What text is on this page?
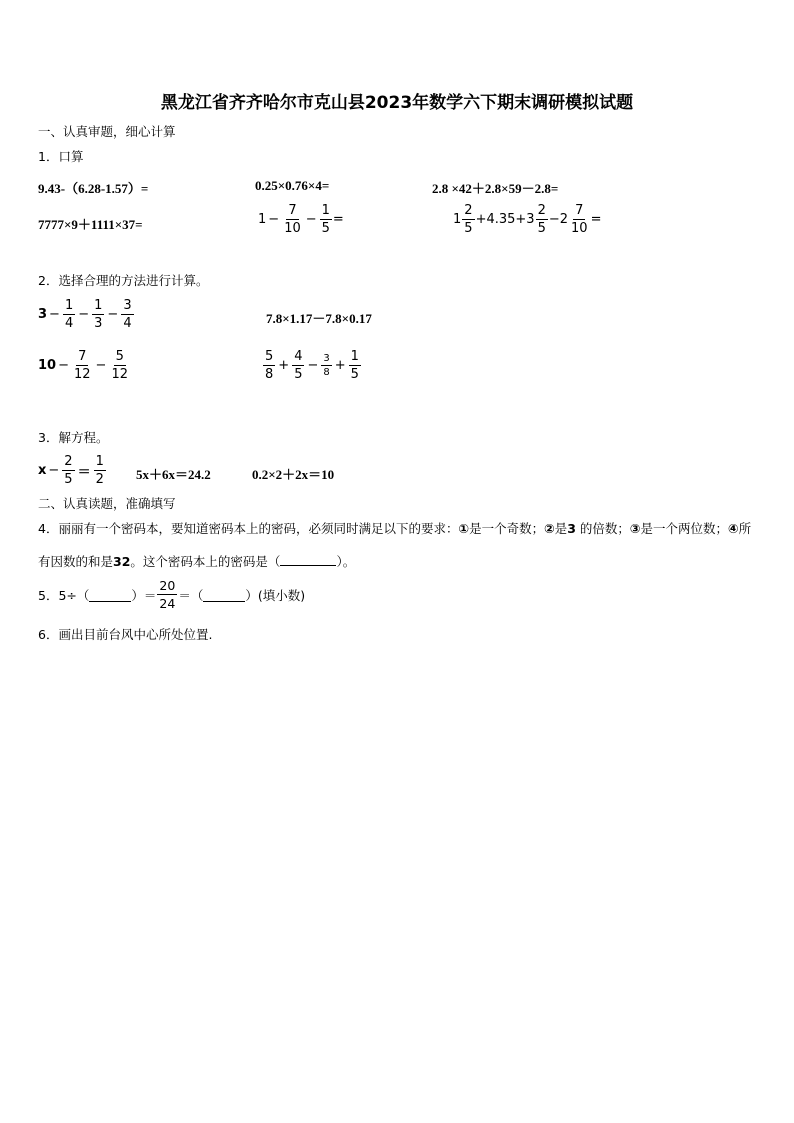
黑龙江省齐齐哈尔市克山县2023年数学六下期末调研模拟试题
一、认真审题，细心计算
1．口算
9.43-（6.28-1.57）=	0.25×0.76×4=	2.8 ×42＋2.8×59－2.8=
7777×9＋1111×37=	$1 - \frac{7}{10} - \frac{1}{5}$ =	$1 \frac{2}{5} +4.35+3 \frac{2}{5} -2 \frac{7}{10}$ =
2．选择合理的方法进行计算。
$3 - \frac{1}{4} - \frac{1}{3} - \frac{3}{4}$	7.8×1.17－7.8×0.17
$10 - \frac{7}{12} - \frac{5}{12}$	$\frac{5}{8} + \frac{4}{5} - \frac{3}{8} + \frac{1}{5}$
3．解方程。
$x - \frac{2}{5} = \frac{1}{2} 5x+6x=24.2$	0.2×2＋2x＝10
二、认真读题，准确填写
4．丽丽有一个密码本，要知道密码本上的密码，必须同时满足以下的要求：①是一个奇数；②是3 的倍数；③是一个两位数；④所有因数的和是32。这个密码本上的密码是（	）。
5．5÷（	）＝ $\frac{20}{24}$ ＝（	）(填小数)
6．画出目前台风中心所处位置.
